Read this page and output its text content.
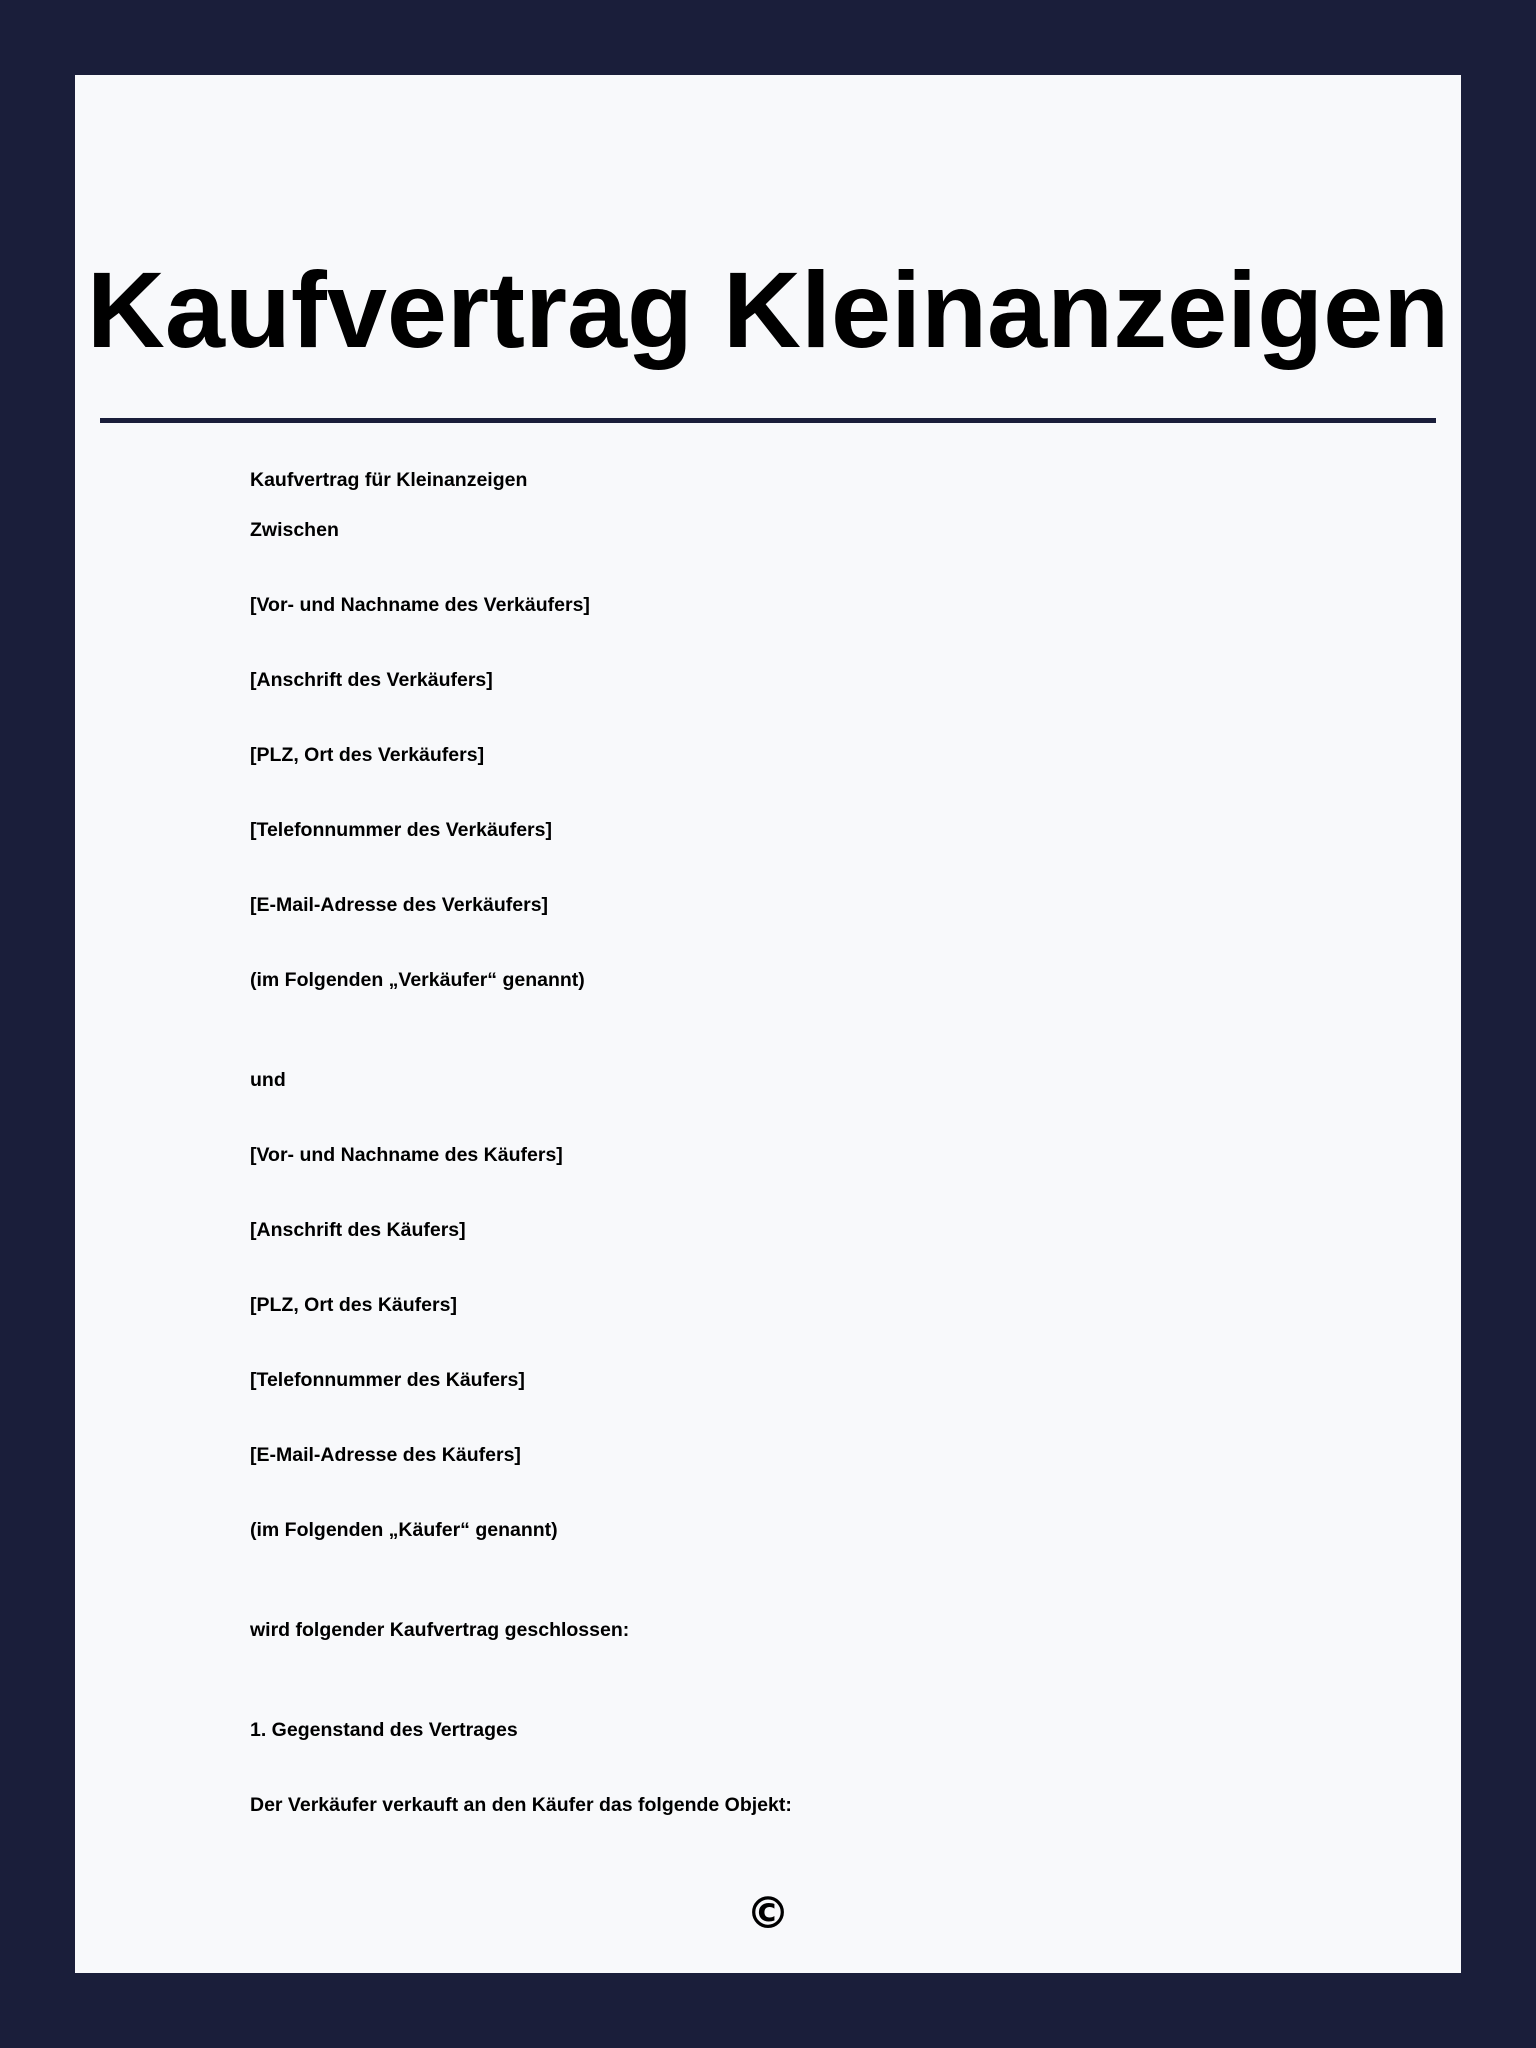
Kaufvertrag Kleinanzeigen
Kaufvertrag für Kleinanzeigen
Zwischen
[Vor- und Nachname des Verkäufers]
[Anschrift des Verkäufers]
[PLZ, Ort des Verkäufers]
[Telefonnummer des Verkäufers]
[E-Mail-Adresse des Verkäufers]
(im Folgenden „Verkäufer“ genannt)
und
[Vor- und Nachname des Käufers]
[Anschrift des Käufers]
[PLZ, Ort des Käufers]
[Telefonnummer des Käufers]
[E-Mail-Adresse des Käufers]
(im Folgenden „Käufer“ genannt)
wird folgender Kaufvertrag geschlossen:
1. Gegenstand des Vertrages
Der Verkäufer verkauft an den Käufer das folgende Objekt:
©
